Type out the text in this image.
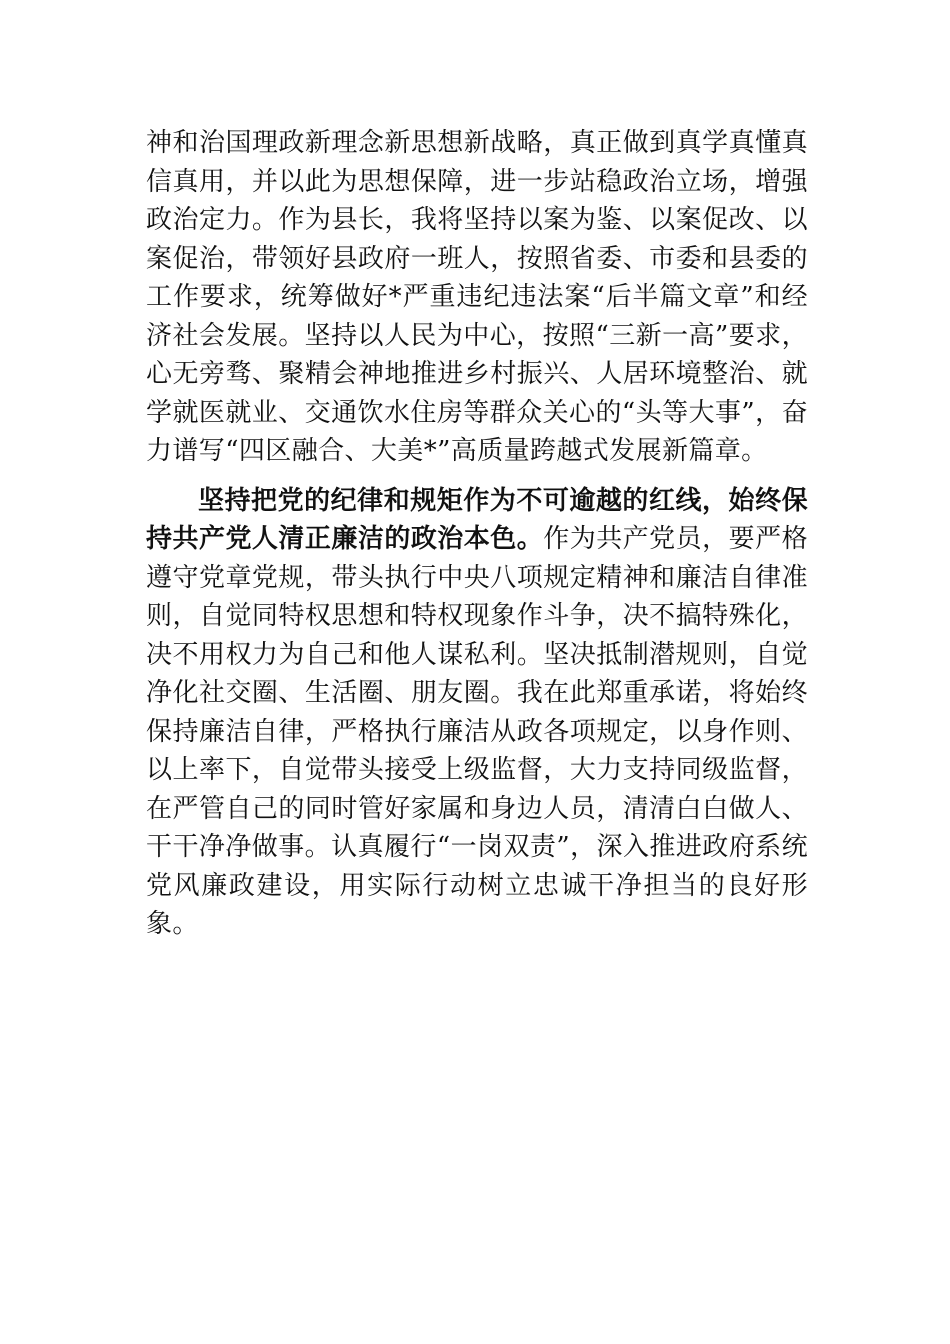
神和治国理政新理念新思想新战略，真正做到真学真懂真信真用，并以此为思想保障，进一步站稳政治立场，增强政治定力。作为县长，我将坚持以案为鉴、以案促改、以案促治，带领好县政府一班人，按照省委、市委和县委的工作要求，统筹做好*严重违纪违法案“后半篇文章”和经济社会发展。坚持以人民为中心，按照“三新一高”要求，心无旁骛、聚精会神地推进乡村振兴、人居环境整治、就学就医就业、交通饮水住房等群众关心的“头等大事”，奋力谱写“四区融合、大美*”高质量跨越式发展新篇章。

坚持把党的纪律和规矩作为不可逾越的红线，始终保持共产党人清正廉洁的政治本色。作为共产党员，要严格遵守党章党规，带头执行中央八项规定精神和廉洁自律准则，自觉同特权思想和特权现象作斗争，决不搞特殊化，决不用权力为自己和他人谋私利。坚决抵制潜规则，自觉净化社交圈、生活圈、朋友圈。我在此郑重承诺，将始终保持廉洁自律，严格执行廉洁从政各项规定，以身作则、以上率下，自觉带头接受上级监督，大力支持同级监督，在严管自己的同时管好家属和身边人员，清清白白做人、干干净净做事。认真履行“一岗双责”，深入推进政府系统党风廉政建设，用实际行动树立忠诚干净担当的良好形象。
